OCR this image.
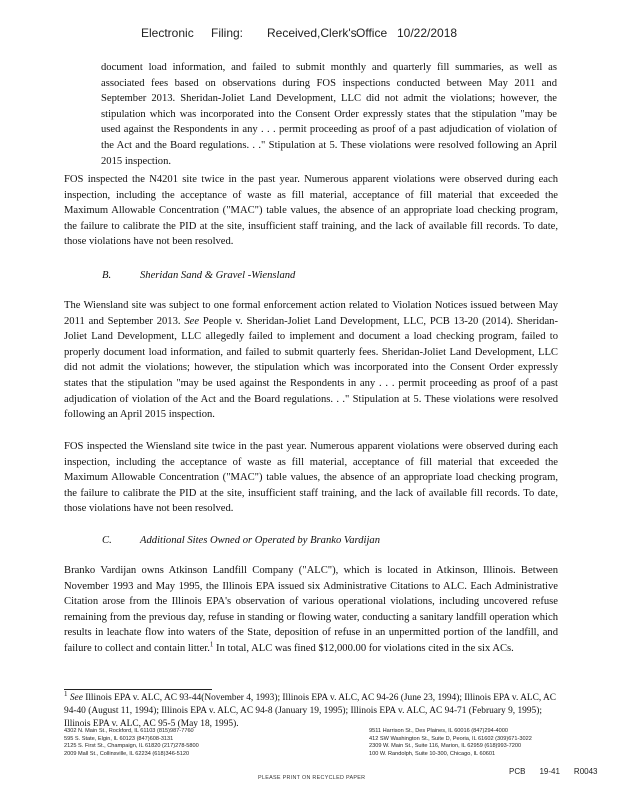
Electronic Filing: Received,Clerk's Office 10/22/2018

document load information, and failed to submit monthly and quarterly fill summaries, as well as associated fees based on observations during FOS inspections conducted between May 2011 and September 2013. Sheridan-Joliet Land Development, LLC did not admit the violations; however, the stipulation which was incorporated into the Consent Order expressly states that the stipulation "may be used against the Respondents in any . . . permit proceeding as proof of a past adjudication of violation of the Act and the Board regulations. . ." Stipulation at 5. These violations were resolved following an April 2015 inspection.

FOS inspected the N4201 site twice in the past year. Numerous apparent violations were observed during each inspection, including the acceptance of waste as fill material, acceptance of fill material that exceeded the Maximum Allowable Concentration ("MAC") table values, the absence of an appropriate load checking program, the failure to calibrate the PID at the site, insufficient staff training, and the lack of available fill records. To date, those violations have not been resolved.

B.	Sheridan Sand & Gravel -Wiensland

The Wiensland site was subject to one formal enforcement action related to Violation Notices issued between May 2011 and September 2013. See People v. Sheridan-Joliet Land Development, LLC, PCB 13-20 (2014). Sheridan-Joliet Land Development, LLC allegedly failed to implement and document a load checking program, failed to properly document load information, and failed to submit quarterly fees. Sheridan-Joliet Land Development, LLC did not admit the violations; however, the stipulation which was incorporated into the Consent Order expressly states that the stipulation "may be used against the Respondents in any . . . permit proceeding as proof of a past adjudication of violation of the Act and the Board regulations. . ." Stipulation at 5. These violations were resolved following an April 2015 inspection.

FOS inspected the Wiensland site twice in the past year. Numerous apparent violations were observed during each inspection, including the acceptance of waste as fill material, acceptance of fill material that exceeded the Maximum Allowable Concentration ("MAC") table values, the absence of an appropriate load checking program, the failure to calibrate the PID at the site, insufficient staff training, and the lack of available fill records. To date, those violations have not been resolved.

C.	Additional Sites Owned or Operated by Branko Vardijan

Branko Vardijan owns Atkinson Landfill Company ("ALC"), which is located in Atkinson, Illinois. Between November 1993 and May 1995, the Illinois EPA issued six Administrative Citations to ALC. Each Administrative Citation arose from the Illinois EPA's observation of various operational violations, including uncovered refuse remaining from the previous day, refuse in standing or flowing water, conducting a sanitary landfill operation which results in leachate flow into waters of the State, deposition of refuse in an unpermitted portion of the landfill, and failure to collect and contain litter.$^1$ In total, ALC was fined $12,000.00 for violations cited in the six ACs.

$^1$ See Illinois EPA v. ALC, AC 93-44(November 4, 1993); Illinois EPA v. ALC, AC 94-26 (June 23, 1994); Illinois EPA v. ALC, AC 94-40 (August 11, 1994); Illinois EPA v. ALC, AC 94-8 (January 19, 1995); Illinois EPA v. ALC, AC 94-71 (February 9, 1995); Illinois EPA v. ALC, AC 95-5 (May 18, 1995).

4302 N. Main St., Rockford, IL 61103 (815)987-7760
595 S. State, Elgin, IL 60123 (847)608-3131
2125 S. First St., Champaign, IL 61820 (217)278-5800
2009 Mall St., Collinsville, IL 62234 (618)346-5120
9511 Harrison St., Des Plaines, IL 60016 (847)294-4000
412 SW Washington St., Suite D, Peoria, IL 61602 (309)671-3022
2309 W. Main St., Suite 116, Marion, IL 62959 (618)993-7200
100 W. Randolph, Suite 10-300, Chicago, IL 60601
PCB 19-41 R0043
PLEASE PRINT ON RECYCLED PAPER
